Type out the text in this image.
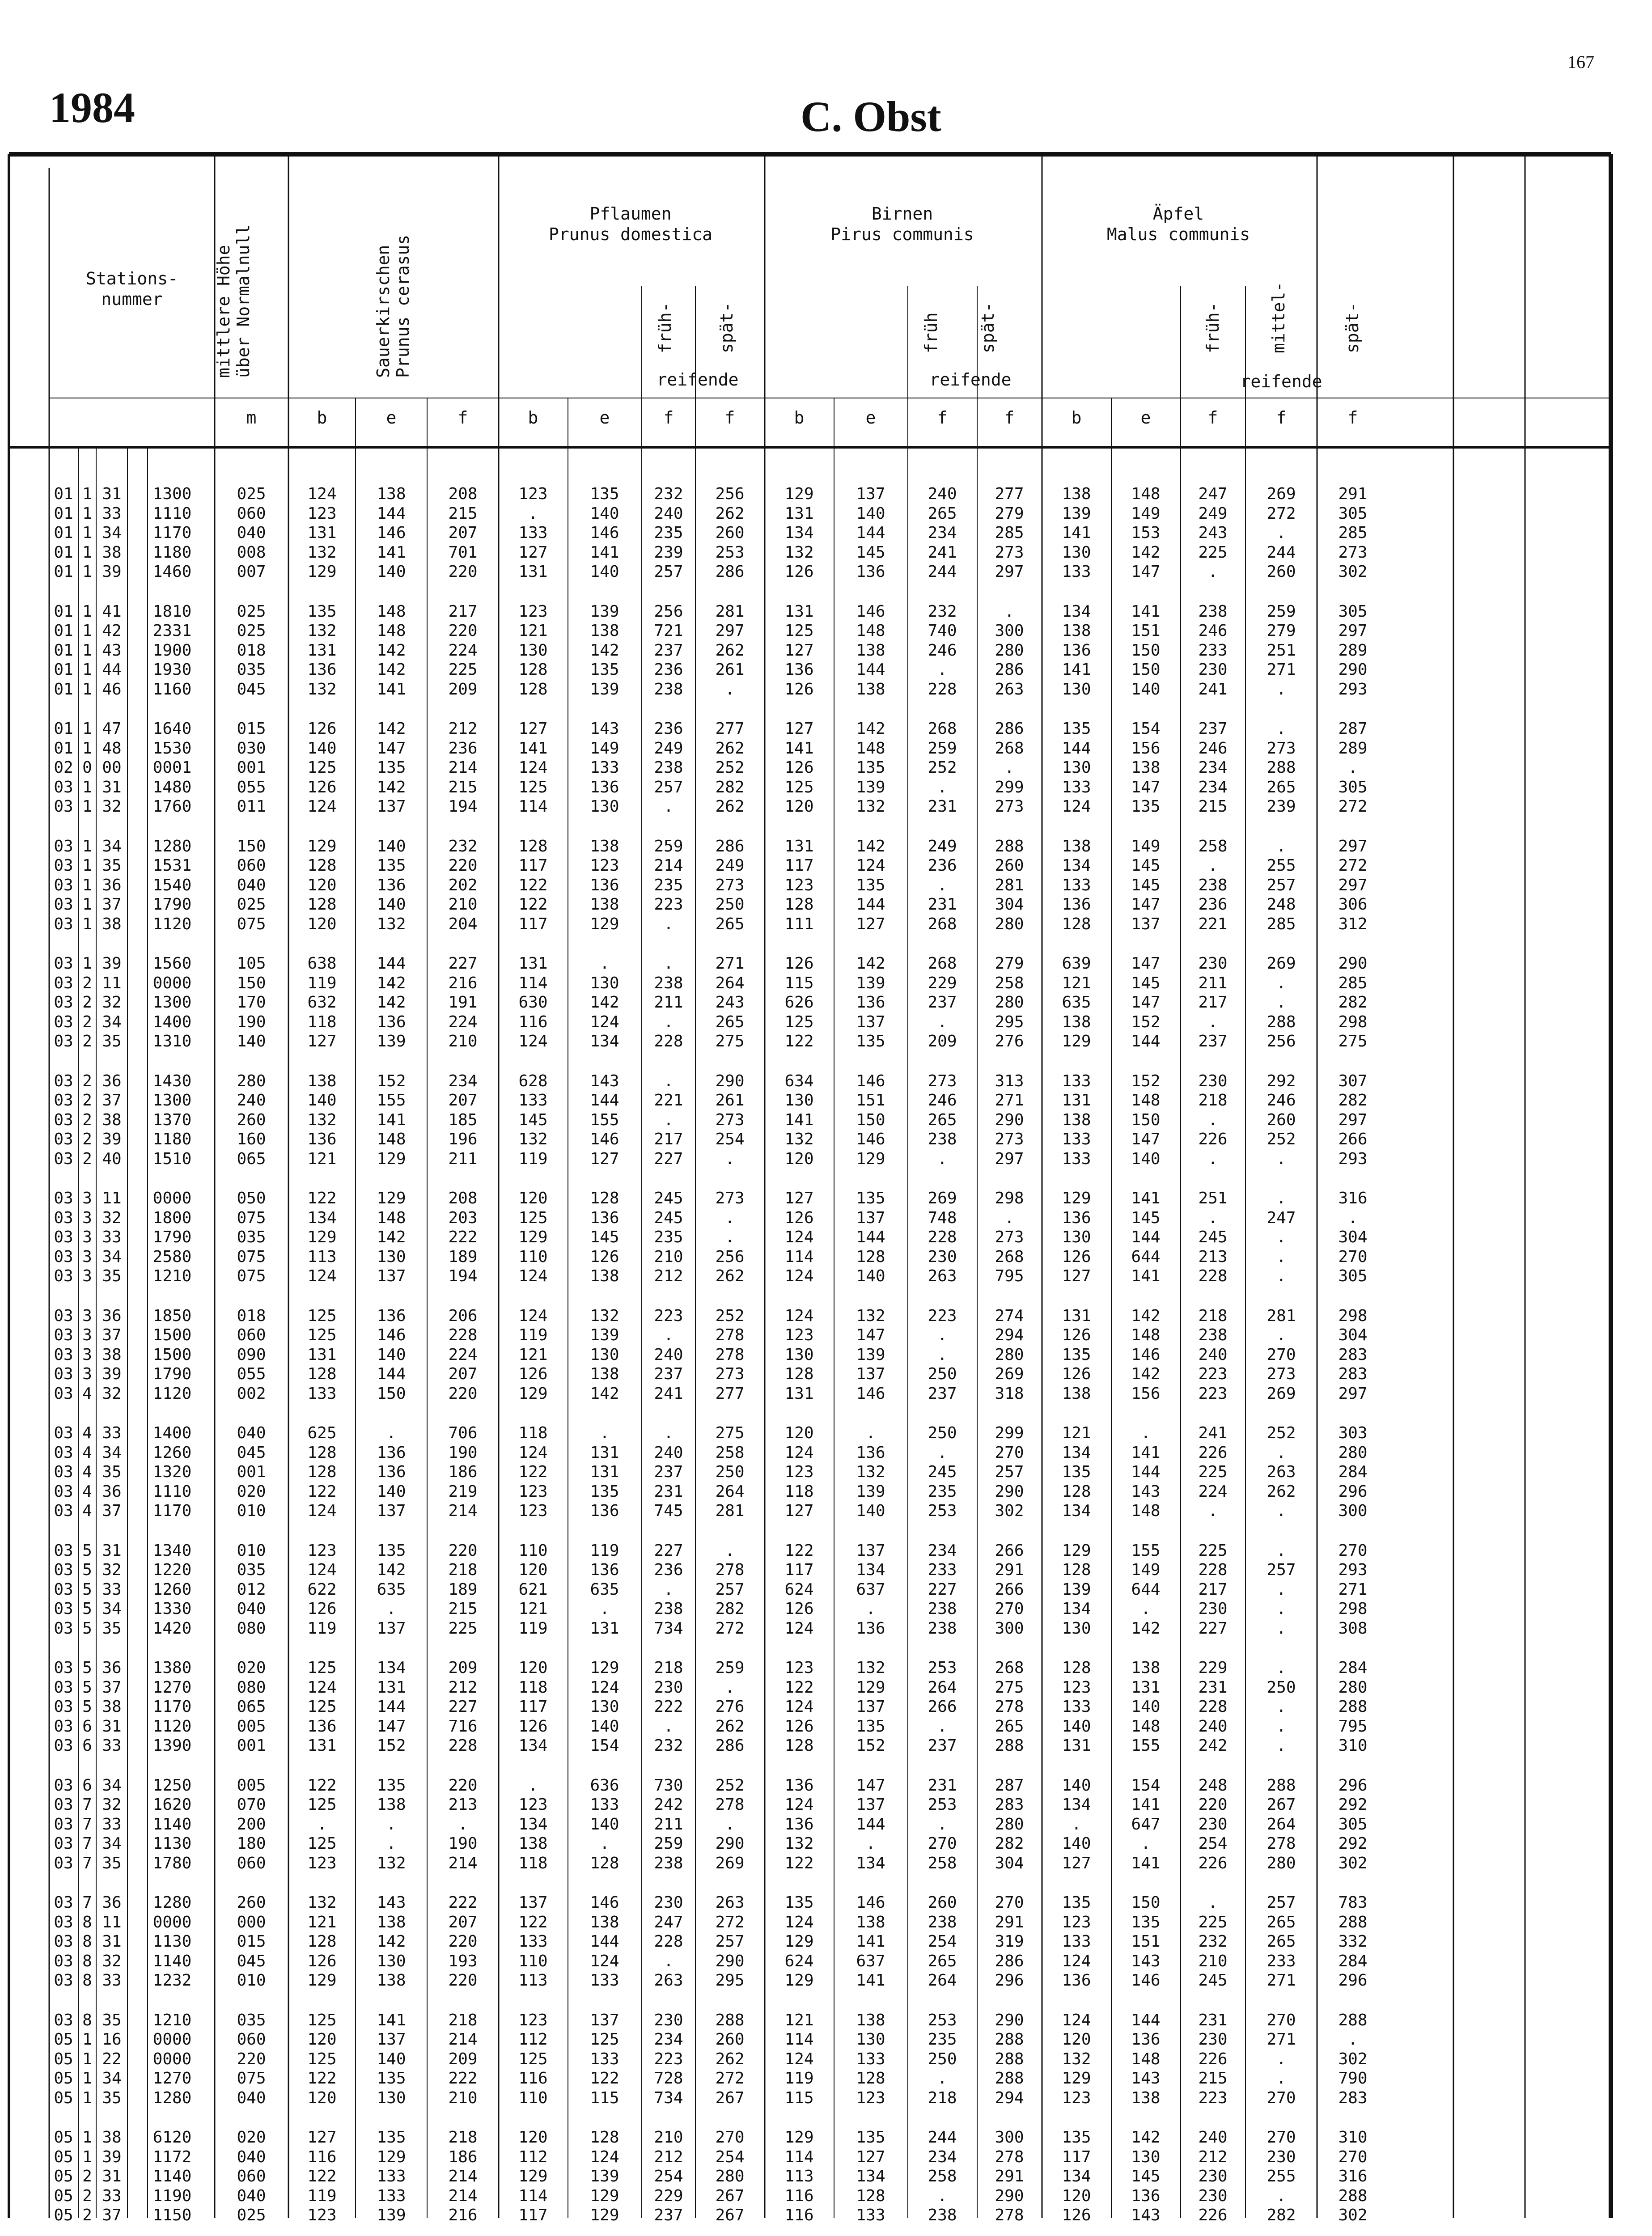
167
1984	C. Obst
Stations-
nummer	mittlere Höhe
über Normalnull	Sauerkirschen
Prunus cerasus
Pflaumen
Prunus domestica
Birnen
Pirus communis
Äpfel
Malus communis
früh- spät-
reifende
früh spät-
reifende
früh-	mittel-	spät-
reifende
m	b	e	f	b	e	f	f	b	e	f	f	b	e	f	f	f
01 1 31	1300	025	124	138	208	123	135	232	256	129	137	240	277	138	148	247	269	291
01 1 33	1110	060	123	144	215	.	140	240	262	131	140	265	279	139	149	249	272	305
01 1 34	1170	040	131	146	207	133	146	235	260	134	144	234	285	141	153	243	.	285
01 1 38	1180	008	132	141	701	127	141	239	253	132	145	241	273	130	142	225	244	273
01 1 39	1460	007	129	140	220	131	140	257	286	126	136	244	297	133	147	.	260	302
01 1 41	1810	025	135	148	217	123	139	256	281	131	146	232	.	134	141	238	259	305
01 1 42	2331	025	132	148	220	121	138	721	297	125	148	740	300	138	151	246	279	297
01 1 43	1900	018	131	142	224	130	142	237	262	127	138	246	280	136	150	233	251	289
01 1 44	1930	035	136	142	225	128	135	236	261	136	144	.	286	141	150	230	271	290
01 1 46	1160	045	132	141	209	128	139	238	.	126	138	228	263	130	140	241	.	293
01 1 47	1640	015	126	142	212	127	143	236	277	127	142	268	286	135	154	237	.	287
01 1 48	1530	030	140	147	236	141	149	249	262	141	148	259	268	144	156	246	273	289
02 0 00	0001	001	125	135	214	124	133	238	252	126	135	252	.	130	138	234	288	.
03 1 31	1480	055	126	142	215	125	136	257	282	125	139	.	299	133	147	234	265	305
03 1 32	1760	011	124	137	194	114	130	.	262	120	132	231	273	124	135	215	239	272
03 1 34	1280	150	129	140	232	128	138	259	286	131	142	249	288	138	149	258	.	297
03 1 35	1531	060	128	135	220	117	123	214	249	117	124	236	260	134	145	.	255	272
03 1 36	1540	040	120	136	202	122	136	235	273	123	135	.	281	133	145	238	257	297
03 1 37	1790	025	128	140	210	122	138	223	250	128	144	231	304	136	147	236	248	306
03 1 38	1120	075	120	132	204	117	129	.	265	111	127	268	280	128	137	221	285	312
03 1 39	1560	105	638	144	227	131	.	.	271	126	142	268	279	639	147	230	269	290
03 2 11	0000	150	119	142	216	114	130	238	264	115	139	229	258	121	145	211	.	285
03 2 32	1300	170	632	142	191	630	142	211	243	626	136	237	280	635	147	217	.	282
03 2 34	1400	190	118	136	224	116	124	.	265	125	137	.	295	138	152	.	288	298
03 2 35	1310	140	127	139	210	124	134	228	275	122	135	209	276	129	144	237	256	275
03 2 36	1430	280	138	152	234	628	143	.	290	634	146	273	313	133	152	230	292	307
03 2 37	1300	240	140	155	207	133	144	221	261	130	151	246	271	131	148	218	246	282
03 2 38	1370	260	132	141	185	145	155	.	273	141	150	265	290	138	150	.	260	297
03 2 39	1180	160	136	148	196	132	146	217	254	132	146	238	273	133	147	226	252	266
03 2 40	1510	065	121	129	211	119	127	227	.	120	129	.	297	133	140	.	.	293
03 3 11	0000	050	122	129	208	120	128	245	273	127	135	269	298	129	141	251	.	316
03 3 32	1800	075	134	148	203	125	136	245	.	126	137	748	.	136	145	.	247	.
03 3 33	1790	035	129	142	222	129	145	235	.	124	144	228	273	130	144	245	.	304
03 3 34	2580	075	113	130	189	110	126	210	256	114	128	230	268	126	644	213	.	270
03 3 35	1210	075	124	137	194	124	138	212	262	124	140	263	795	127	141	228	.	305
03 3 36	1850	018	125	136	206	124	132	223	252	124	132	223	274	131	142	218	281	298
03 3 37	1500	060	125	146	228	119	139	.	278	123	147	.	294	126	148	238	.	304
03 3 38	1500	090	131	140	224	121	130	240	278	130	139	.	280	135	146	240	270	283
03 3 39	1790	055	128	144	207	126	138	237	273	128	137	250	269	126	142	223	273	283
03 4 32	1120	002	133	150	220	129	142	241	277	131	146	237	318	138	156	223	269	297
03 4 33	1400	040	625	.	706	118	.	.	275	120	.	250	299	121	.	241	252	303
03 4 34	1260	045	128	136	190	124	131	240	258	124	136	.	270	134	141	226	.	280
03 4 35	1320	001	128	136	186	122	131	237	250	123	132	245	257	135	144	225	263	284
03 4 36	1110	020	122	140	219	123	135	231	264	118	139	235	290	128	143	224	262	296
03 4 37	1170	010	124	137	214	123	136	745	281	127	140	253	302	134	148	.	.	300
03 5 31	1340	010	123	135	220	110	119	227	.	122	137	234	266	129	155	225	.	270
03 5 32	1220	035	124	142	218	120	136	236	278	117	134	233	291	128	149	228	257	293
03 5 33	1260	012	622	635	189	621	635	.	257	624	637	227	266	139	644	217	.	271
03 5 34	1330	040	126	.	215	121	.	238	282	126	.	238	270	134	.	230	.	298
03 5 35	1420	080	119	137	225	119	131	734	272	124	136	238	300	130	142	227	.	308
03 5 36	1380	020	125	134	209	120	129	218	259	123	132	253	268	128	138	229	.	284
03 5 37	1270	080	124	131	212	118	124	230	.	122	129	264	275	123	131	231	250	280
03 5 38	1170	065	125	144	227	117	130	222	276	124	137	266	278	133	140	228	.	288
03 6 31	1120	005	136	147	716	126	140	.	262	126	135	.	265	140	148	240	.	795
03 6 33	1390	001	131	152	228	134	154	232	286	128	152	237	288	131	155	242	.	310
03 6 34	1250	005	122	135	220	.	636	730	252	136	147	231	287	140	154	248	288	296
03 7 32	1620	070	125	138	213	123	133	242	278	124	137	253	283	134	141	220	267	292
03 7 33	1140	200	.	.	.	134	140	211	.	136	144	.	280	.	647	230	264	305
03 7 34	1130	180	125	.	190	138	.	259	290	132	.	270	282	140	.	254	278	292
03 7 35	1780	060	123	132	214	118	128	238	269	122	134	258	304	127	141	226	280	302
03 7 36	1280	260	132	143	222	137	146	230	263	135	146	260	270	135	150	.	257	783
03 8 11	0000	000	121	138	207	122	138	247	272	124	138	238	291	123	135	225	265	288
03 8 31	1130	015	128	142	220	133	144	228	257	129	141	254	319	133	151	232	265	332
03 8 32	1140	045	126	130	193	110	124	.	290	624	637	265	286	124	143	210	233	284
03 8 33	1232	010	129	138	220	113	133	263	295	129	141	264	296	136	146	245	271	296
03 8 35	1210	035	125	141	218	123	137	230	288	121	138	253	290	124	144	231	270	288
05 1 16	0000	060	120	137	214	112	125	234	260	114	130	235	288	120	136	230	271	.
05 1 22	0000	220	125	140	209	125	133	223	262	124	133	250	288	132	148	226	.	302
05 1 34	1270	075	122	135	222	116	122	728	272	119	128	.	288	129	143	215	.	790
05 1 35	1280	040	120	130	210	110	115	734	267	115	123	218	294	123	138	223	270	283
05 1 38	6120	020	127	135	218	120	128	210	270	129	135	244	300	135	142	240	270	310
05 1 39	1172	040	116	129	186	112	124	212	254	114	127	234	278	117	130	212	230	270
05 2 31	1140	060	122	133	214	129	139	254	280	113	134	258	291	134	145	230	255	316
05 2 33	1190	040	119	133	214	114	129	229	267	116	128	.	290	120	136	230	.	288
05 2 37	1150	025	123	139	216	117	129	237	267	116	133	238	278	126	143	226	282	302
